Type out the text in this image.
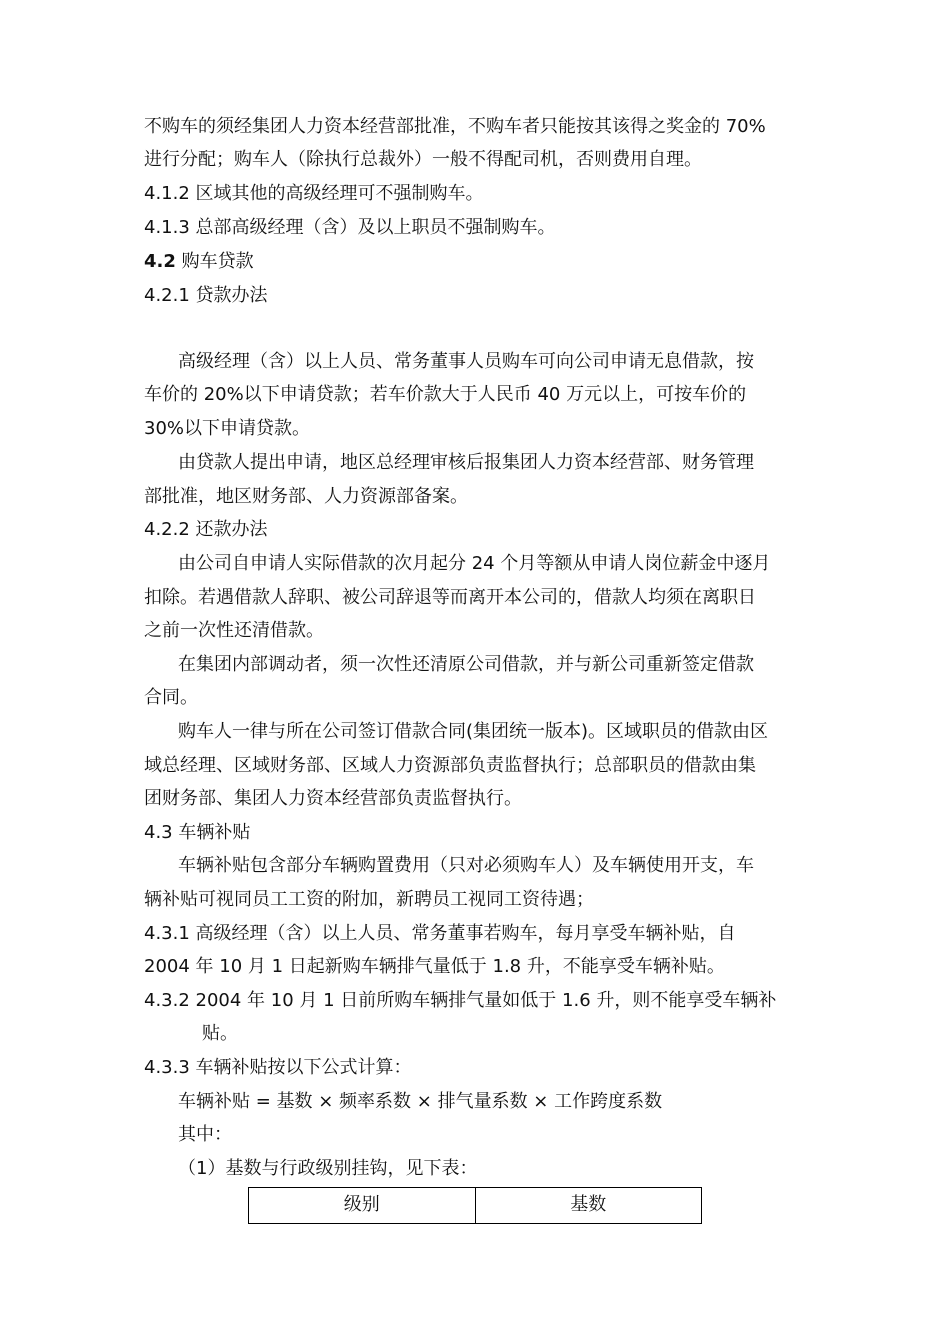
不购车的须经集团人力资本经营部批准，不购车者只能按其该得之奖金的 70%
进行分配；购车人（除执行总裁外）一般不得配司机，否则费用自理。
4.1.2 区域其他的高级经理可不强制购车。
4.1.3 总部高级经理（含）及以上职员不强制购车。
4.2 购车贷款
4.2.1 贷款办法
高级经理（含）以上人员、常务董事人员购车可向公司申请无息借款，按
车价的 20%以下申请贷款；若车价款大于人民币 40 万元以上，可按车价的
30%以下申请贷款。
由贷款人提出申请，地区总经理审核后报集团人力资本经营部、财务管理
部批准，地区财务部、人力资源部备案。
4.2.2 还款办法
由公司自申请人实际借款的次月起分 24 个月等额从申请人岗位薪金中逐月
扣除。若遇借款人辞职、被公司辞退等而离开本公司的，借款人均须在离职日
之前一次性还清借款。
在集团内部调动者，须一次性还清原公司借款，并与新公司重新签定借款
合同。
购车人一律与所在公司签订借款合同(集团统一版本)。区域职员的借款由区
域总经理、区域财务部、区域人力资源部负责监督执行；总部职员的借款由集
团财务部、集团人力资本经营部负责监督执行。
4.3 车辆补贴
车辆补贴包含部分车辆购置费用（只对必须购车人）及车辆使用开支，车
辆补贴可视同员工工资的附加，新聘员工视同工资待遇；
4.3.1 高级经理（含）以上人员、常务董事若购车，每月享受车辆补贴，自
2004 年 10 月 1 日起新购车辆排气量低于 1.8 升，不能享受车辆补贴。
4.3.2 2004 年 10 月 1 日前所购车辆排气量如低于 1.6 升，则不能享受车辆补
贴。
4.3.3 车辆补贴按以下公式计算：
车辆补贴 = 基数 × 频率系数 × 排气量系数 × 工作跨度系数
其中：
（1）基数与行政级别挂钩，见下表：
级别	基数
